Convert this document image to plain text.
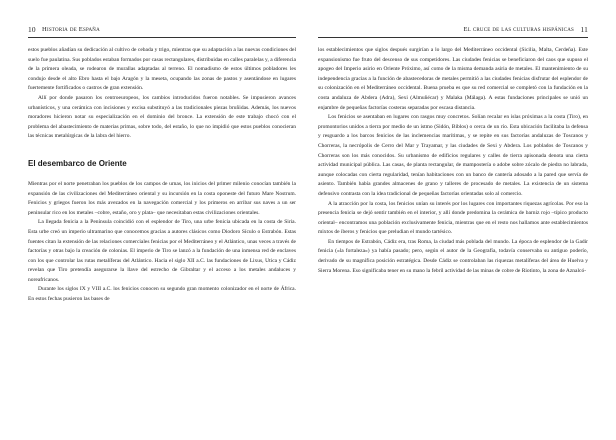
10 Historia de España

estos pueblos añadían su dedicación al cultivo de cebada y trigo, mientras que su adaptación a las nuevas condiciones del suelo fue paulatina. Sus poblados estaban formados por casas rectangulares, distribuidas en calles paralelas y, a diferencia de la primera oleada, se rodearon de murallas adaptadas al terreno. El nomadismo de estos últimos pobladores les condujo desde el alto Ebro hasta el bajo Aragón y la meseta, ocupando las zonas de pastos y asentándose en lugares fuertemente fortificados o castros de gran extensión.

Allí por donde pasaron los centroeuropeos, los cambios introducidos fueron notables. Se impusieron avances urbanísticos, y una cerámica con incisiones y excisa substituyó a las tradicionales piezas bruñidas. Además, los nuevos moradores hicieron notar su especialización en el dominio del bronce. La extensión de este trabajo chocó con el problema del abastecimiento de materias primas, sobre todo, del estaño, lo que no impidió que estos pueblos conocieran las técnicas metalúrgicas de la labra del hierro.

El desembarco de Oriente

Mientras por el norte penetraban los pueblos de los campos de urnas, los inicios del primer milenio conocían también la expansión de las civilizaciones del Mediterráneo oriental y su incursión en la costa oponeste del futuro Mare Nostrum. Fenicios y griegos fueron los más avezados en la navegación comercial y los primeros en arribar sus naves a un ser peninsular rico en los metales –cobre, estaño, oro y plata– que necesitaban estas civilizaciones orientales.

La llegada fenicia a la Península coincidió con el esplendor de Tiro, una urbe fenicia ubicada en la costa de Siria. Esta urbe creó un imperio ultramarino que conocemos gracias a autores clásicos como Diodoro Sículo o Estrabón. Estas fuentes citan la extensión de las relaciones comerciales fenicias por el Mediterráneo y el Atlántico, unas veces a través de factorías y otras bajo la creación de colonias. El imperio de Tiro se lanzó a la fundación de una inmensa red de enclaves con los que controlar las rutas metalíferas del Atlántico. Hacia el siglo XII a.C. las fundaciones de Lixus, Utica y Cádiz revelan que Tiro pretendía asegurarse la llave del estrecho de Gibraltar y el acceso a los metales andaluces y noreafricanos.

Durante los siglos IX y VIII a.C. los fenicios conocen su segundo gran momento colonizador en el norte de África. En estos fechas pusieron las bases de

El cruce de las culturas hispánicas 11

los establecimientos que siglos después surgirían a lo largo del Mediterráneo occidental (Sicilia, Malta, Cerdeña). Este expansionismo fue fruto del descenso de sus competidores. Las ciudades fenicias se beneficiaron del caos que supuso el apogeo del Imperio asirio en Oriente Próximo, así como de la misma demanda asiria de metales. El mantenimiento de su independencia gracias a la función de abastecedoras de metales permitió a las ciudades fenicias disfrutar del esplendor de su colonización en el Mediterráneo occidental. Buena prueba es que su red comercial se completó con la fundación en la costa andaluza de Abdera (Adra), Sexi (Almuñécar) y Malaka (Málaga). A estas fundaciones principales se unió un enjambre de pequeñas factorías costeras separadas por escasa distancia.

Los fenicios se asentaban en lugares con rasgos muy concretos. Solían recalar en islas próximas a la costa (Tiro), en promontorios unidos a tierra por medio de un istmo (Sidón, Biblos) o cerca de un río. Esta ubicación facilitaba la defensa y resguardo a los barcos fenicios de las inclemencias marítimas, y se repite en sus factorías andaluzas de Toscanos y Chorreras, la necrópolis de Cerro del Mar y Trayamar, y las ciudades de Sexi y Abdera. Los poblados de Toscanos y Chorreras son los más conocidos. Su urbanismo de edificios regulares y calles de tierra apisonada denota una cierta actividad municipal pública. Las casas, de planta rectangular, de mampostería o adobe sobre zócalo de piedra no labrada, aunque colocadas con cierta regularidad, tenían habitaciones con un banco de cantería adosado a la pared que servía de asiento. También había grandes almacenes de grano y talleres de procesado de metales. La existencia de un sistema defensivo contrasta con la idea tradicional de pequeñas factorías orientadas solo al comercio.

A la atracción por la costa, los fenicios unían su interés por los lugares con importantes riquezas agrícolas. Por eso la presencia fenicia se dejó sentir también en el interior, y allí donde predomina la cerámica de barniz rojo –típico producto oriental– encontramos una población exclusivamente fenicia, mientras que en el resto nos hallamos ante establecimientos mixtos de íberos y fenicios que preludian el mundo tartésico.

En tiempos de Estrabón, Cádiz era, tras Roma, la ciudad más poblada del mundo. La época de esplendor de la Gadir fenicia («la fortaleza») ya había pasado; pero, según el autor de la Geografía, todavía conservaba su antiguo poderío, derivado de su magnífica posición estratégica. Desde Cádiz se controlaban las riquezas metalíferas del área de Huelva y Sierra Morena. Eso significaba tener en su mano la febril actividad de las minas de cobre de Riotinto, la zona de Aznalcó-
